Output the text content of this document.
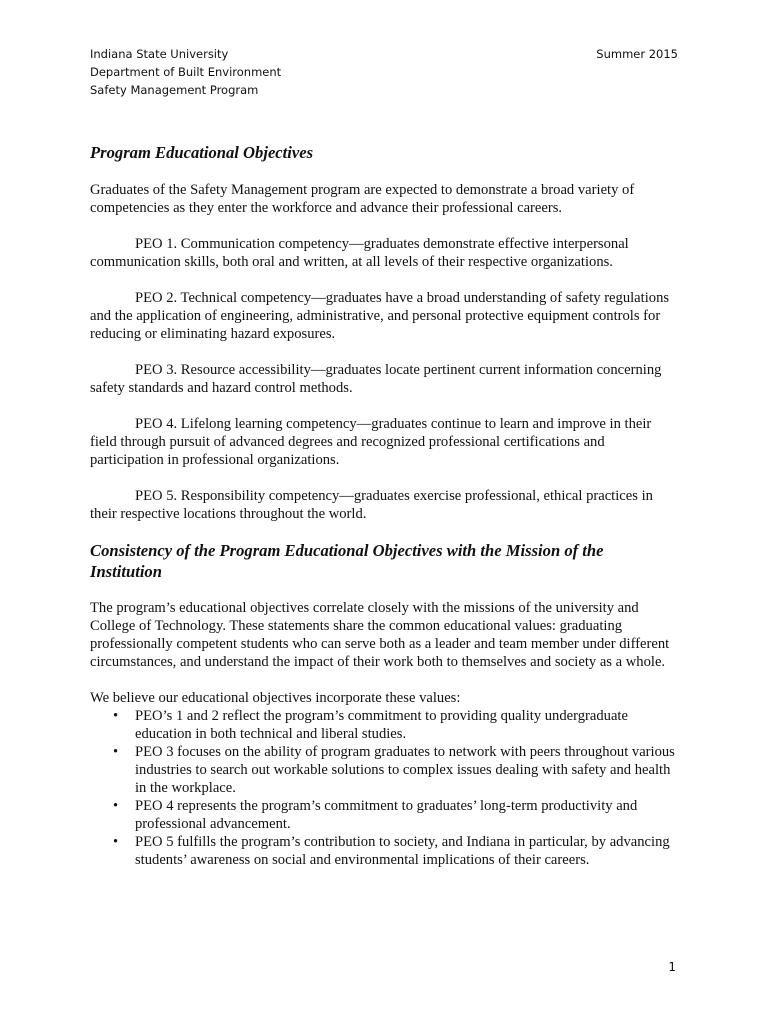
Indiana State University
Department of Built Environment
Safety Management Program
Summer 2015
Program Educational Objectives

Graduates of the Safety Management program are expected to demonstrate a broad variety of competencies as they enter the workforce and advance their professional careers.

PEO 1. Communication competency—graduates demonstrate effective interpersonal communication skills, both oral and written, at all levels of their respective organizations.

PEO 2. Technical competency—graduates have a broad understanding of safety regulations and the application of engineering, administrative, and personal protective equipment controls for reducing or eliminating hazard exposures.

PEO 3. Resource accessibility—graduates locate pertinent current information concerning safety standards and hazard control methods.

PEO 4. Lifelong learning competency—graduates continue to learn and improve in their field through pursuit of advanced degrees and recognized professional certifications and participation in professional organizations.

PEO 5. Responsibility competency—graduates exercise professional, ethical practices in their respective locations throughout the world.

Consistency of the Program Educational Objectives with the Mission of the Institution

The program’s educational objectives correlate closely with the missions of the university and College of Technology. These statements share the common educational values: graduating professionally competent students who can serve both as a leader and team member under different circumstances, and understand the impact of their work both to themselves and society as a whole.

We believe our educational objectives incorporate these values:

• PEO’s 1 and 2 reflect the program’s commitment to providing quality undergraduate education in both technical and liberal studies.
• PEO 3 focuses on the ability of program graduates to network with peers throughout various industries to search out workable solutions to complex issues dealing with safety and health in the workplace.
• PEO 4 represents the program’s commitment to graduates’ long-term productivity and professional advancement.
• PEO 5 fulfills the program’s contribution to society, and Indiana in particular, by advancing students’ awareness on social and environmental implications of their careers.
1
